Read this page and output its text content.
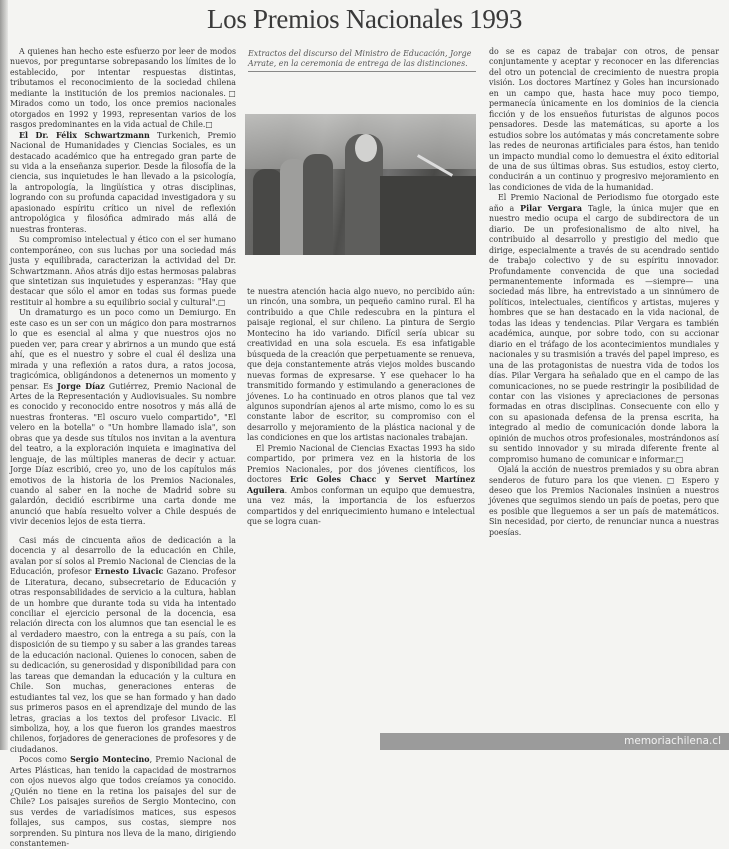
Los Premios Nacionales 1993

A quienes han hecho este esfuerzo por leer de modos nuevos, por preguntarse sobrepasando los límites de lo establecido, por intentar respuestas distintas, tributamos el reconocimiento de la sociedad chilena mediante la institución de los premios nacionales.□ Mirados como un todo, los once premios nacionales otorgados en 1992 y 1993, representan varios de los rasgos predominantes en la vida actual de Chile.□

El Dr. Félix Schwartzmann Turkenich, Premio Nacional de Humanidades y Ciencias Sociales, es un destacado académico que ha entregado gran parte de su vida a la enseñanza superior. Desde la filosofía de la ciencia, sus inquietudes le han llevado a la psicología, la antropología, la lingüística y otras disciplinas, logrando con su profunda capacidad investigadora y su apasionado espíritu crítico un nivel de reflexión antropológica y filosófica admirado más allá de nuestras fronteras.

Su compromiso intelectual y ético con el ser humano contemporáneo, con sus luchas por una sociedad más justa y equilibrada, caracterizan la actividad del Dr. Schwartzmann. Años atrás dijo estas hermosas palabras que sintetizan sus inquietudes y esperanzas: "Hay que destacar que sólo el amor en todas sus formas puede restituir al hombre a su equilibrio social y cultural".□

Un dramaturgo es un poco como un Demiurgo. En este caso es un ser con un mágico don para mostrarnos lo que es esencial al alma y que nuestros ojos no pueden ver, para crear y abrirnos a un mundo que está ahí, que es el nuestro y sobre el cual él desliza una mirada y una reflexión a ratos dura, a ratos jocosa, tragicómica, obligándonos a detenernos un momento y pensar. Es Jorge Díaz Gutiérrez, Premio Nacional de Artes de la Representación y Audiovisuales. Su nombre es conocido y reconocido entre nosotros y más allá de nuestras fronteras. "El oscuro vuelo compartido", "El velero en la botella" o "Un hombre llamado isla", son obras que ya desde sus títulos nos invitan a la aventura del teatro, a la exploración inquieta e imaginativa del lenguaje, de las múltiples maneras de decir y actuar. Jorge Díaz escribió, creo yo, uno de los capítulos más emotivos de la historia de los Premios Nacionales, cuando al saber en la noche de Madrid sobre su galardón, decidió escribirme una carta donde me anunció que había resuelto volver a Chile después de vivir decenios lejos de esta tierra.

Casi más de cincuenta años de dedicación a la docencia y al desarrollo de la educación en Chile, avalan por sí solos al Premio Nacional de Ciencias de la Educación, profesor Ernesto Livacic Gazano. Profesor de Literatura, decano, subsecretario de Educación y otras responsabilidades de servicio a la cultura, hablan de un hombre que durante toda su vida ha intentado conciliar el ejercicio personal de la docencia, esa relación directa con los alumnos que tan esencial le es al verdadero maestro, con la entrega a su país, con la disposición de su tiempo y su saber a las grandes tareas de la educación nacional. Quienes lo conocen, saben de su dedicación, su generosidad y disponibilidad para con las tareas que demandan la educación y la cultura en Chile. Son muchas, generaciones enteras de estudiantes tal vez, los que se han formado y han dado sus primeros pasos en el aprendizaje del mundo de las letras, gracias a los textos del profesor Livacic. El simboliza, hoy, a los que fueron los grandes maestros chilenos, forjadores de generaciones de profesores y de ciudadanos.

Pocos como Sergio Montecino, Premio Nacional de Artes Plásticas, han tenido la capacidad de mostrarnos con ojos nuevos algo que todos creíamos ya conocido. ¿Quién no tiene en la retina los paisajes del sur de Chile? Los paisajes sureños de Sergio Montecino, con sus verdes de variadísimos matices, sus espesos follajes, sus campos, sus costas, siempre nos sorprenden. Su pintura nos lleva de la mano, dirigiendo constantemen-

Extractos del discurso del Ministro de Educación, Jorge Arrate, en la ceremonia de entrega de las distinciones.

te nuestra atención hacia algo nuevo, no percibido aún: un rincón, una sombra, un pequeño camino rural. El ha contribuido a que Chile redescubra en la pintura el paisaje regional, el sur chileno. La pintura de Sergio Montecino ha ido variando. Difícil sería ubicar su creatividad en una sola escuela. Es esa infatigable búsqueda de la creación que perpetuamente se renueva, que deja constantemente atrás viejos moldes buscando nuevas formas de expresarse. Y ese quehacer lo ha transmitido formando y estimulando a generaciones de jóvenes. Lo ha continuado en otros planos que tal vez algunos supondrían ajenos al arte mismo, como lo es su constante labor de escritor, su compromiso con el desarrollo y mejoramiento de la plástica nacional y de las condiciones en que los artistas nacionales trabajan.

El Premio Nacional de Ciencias Exactas 1993 ha sido compartido, por primera vez en la historia de los Premios Nacionales, por dos jóvenes científicos, los doctores Eric Goles Chacc y Servet Martínez Aguilera. Ambos conforman un equipo que demuestra, una vez más, la importancia de los esfuerzos compartidos y del enriquecimiento humano e intelectual que se logra cuan-

do se es capaz de trabajar con otros, de pensar conjuntamente y aceptar y reconocer en las diferencias del otro un potencial de crecimiento de nuestra propia visión. Los doctores Martínez y Goles han incursionado en un campo que, hasta hace muy poco tiempo, permanecía únicamente en los dominios de la ciencia ficción y de los ensueños futuristas de algunos pocos pensadores. Desde las matemáticas, su aporte a los estudios sobre los autómatas y más concretamente sobre las redes de neuronas artificiales para éstos, han tenido un impacto mundial como lo demuestra el éxito editorial de una de sus últimas obras. Sus estudios, estoy cierto, conducirán a un continuo y progresivo mejoramiento en las condiciones de vida de la humanidad.

El Premio Nacional de Periodismo fue otorgado este año a Pilar Vergara Tagle, la única mujer que en nuestro medio ocupa el cargo de subdirectora de un diario. De un profesionalismo de alto nivel, ha contribuido al desarrollo y prestigio del medio que dirige, especialmente a través de su acendrado sentido de trabajo colectivo y de su espíritu innovador. Profundamente convencida de que una sociedad permanentemente informada es —siempre— una sociedad más libre, ha entrevistado a un sinnúmero de políticos, intelectuales, científicos y artistas, mujeres y hombres que se han destacado en la vida nacional, de todas las ideas y tendencias. Pilar Vergara es también académica, aunque, por sobre todo, con su accionar diario en el tráfago de los acontecimientos mundiales y nacionales y su trasmisión a través del papel impreso, es una de las protagonistas de nuestra vida de todos los días. Pilar Vergara ha señalado que en el campo de las comunicaciones, no se puede restringir la posibilidad de contar con las visiones y apreciaciones de personas formadas en otras disciplinas. Consecuente con ello y con su apasionada defensa de la prensa escrita, ha integrado al medio de comunicación donde labora la opinión de muchos otros profesionales, mostrándonos así su sentido innovador y su mirada diferente frente al compromiso humano de comunicar e informar.□

Ojalá la acción de nuestros premiados y su obra abran senderos de futuro para los que vienen. □ Espero y deseo que los Premios Nacionales insinúen a nuestros jóvenes que seguimos siendo un país de poetas, pero que es posible que lleguemos a ser un país de matemáticos. Sin necesidad, por cierto, de renunciar nunca a nuestras poesías.

memoriachilena.cl
